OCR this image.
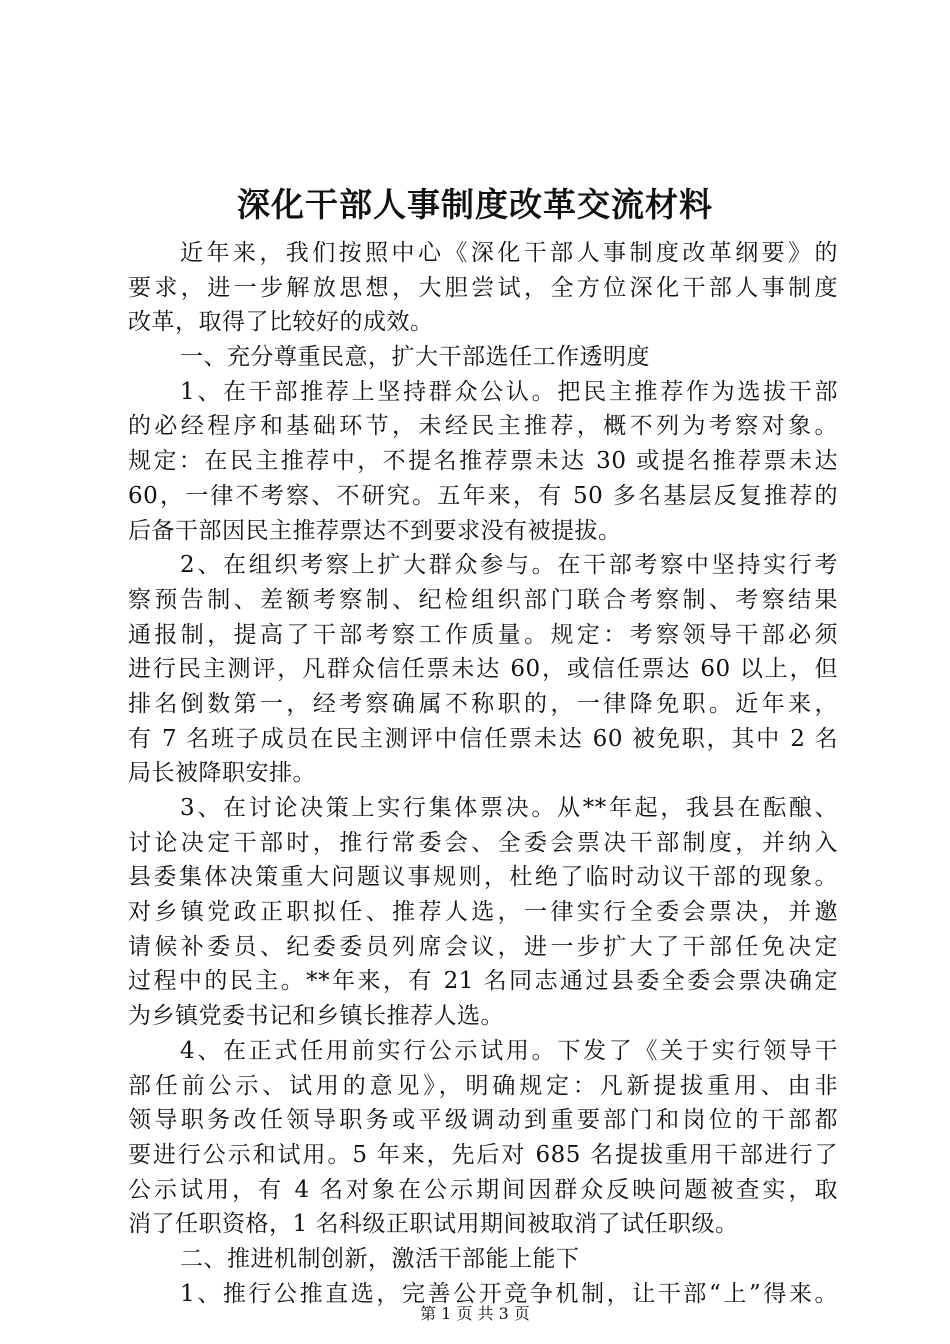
深化干部人事制度改革交流材料
近年来，我们按照中心《深化干部人事制度改革纲要》的
要求，进一步解放思想，大胆尝试，全方位深化干部人事制度
改革，取得了比较好的成效。
一、充分尊重民意，扩大干部选任工作透明度
1、在干部推荐上坚持群众公认。把民主推荐作为选拔干部
的必经程序和基础环节，未经民主推荐，概不列为考察对象。
规定：在民主推荐中，不提名推荐票未达 30 或提名推荐票未达
60，一律不考察、不研究。五年来，有 50 多名基层反复推荐的
后备干部因民主推荐票达不到要求没有被提拔。
2、在组织考察上扩大群众参与。在干部考察中坚持实行考
察预告制、差额考察制、纪检组织部门联合考察制、考察结果
通报制，提高了干部考察工作质量。规定：考察领导干部必须
进行民主测评，凡群众信任票未达 60，或信任票达 60 以上，但
排名倒数第一，经考察确属不称职的，一律降免职。近年来，
有 7 名班子成员在民主测评中信任票未达 60 被免职，其中 2 名
局长被降职安排。
3、在讨论决策上实行集体票决。从**年起，我县在酝酿、
讨论决定干部时，推行常委会、全委会票决干部制度，并纳入
县委集体决策重大问题议事规则，杜绝了临时动议干部的现象。
对乡镇党政正职拟任、推荐人选，一律实行全委会票决，并邀
请候补委员、纪委委员列席会议，进一步扩大了干部任免决定
过程中的民主。**年来，有 21 名同志通过县委全委会票决确定
为乡镇党委书记和乡镇长推荐人选。
4、在正式任用前实行公示试用。下发了《关于实行领导干
部任前公示、试用的意见》，明确规定：凡新提拔重用、由非
领导职务改任领导职务或平级调动到重要部门和岗位的干部都
要进行公示和试用。5 年来，先后对 685 名提拔重用干部进行了
公示试用，有 4 名对象在公示期间因群众反映问题被查实，取
消了任职资格，1 名科级正职试用期间被取消了试任职级。
二、推进机制创新，激活干部能上能下
1、推行公推直选，完善公开竞争机制，让干部“上”得来。
第 1 页 共 3 页
